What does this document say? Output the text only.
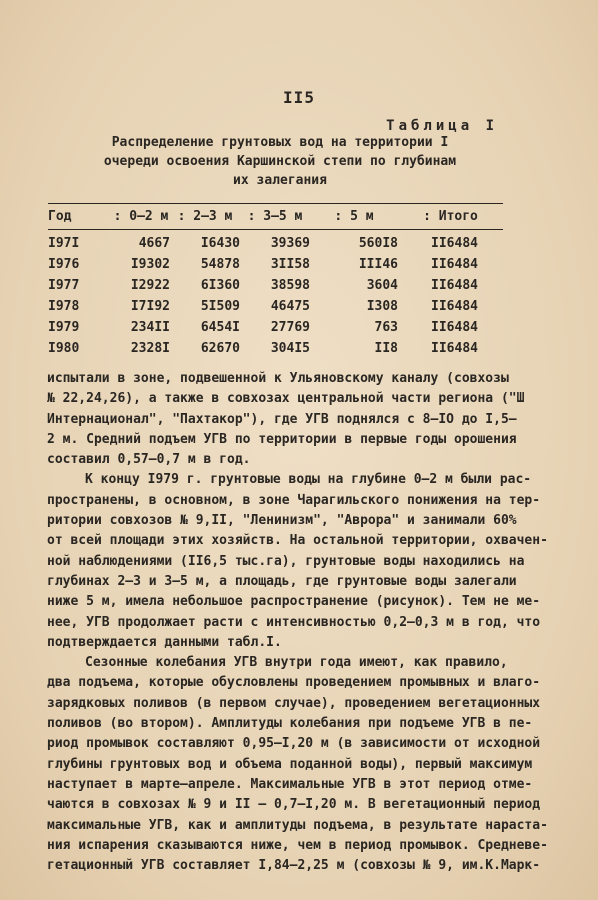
II5
Таблица I
Распределение грунтовых вод на территории I
очереди освоения Каршинской степи по глубинам
их залегания
Год	: 0–2 м	: 2–3 м	: 3–5 м	: 5 м	: Итого
I97I	4667	I6430	39369	560I8	II6484
I976	I9302	54878	3II58	III46	II6484
I977	I2922	6I360	38598	3604	II6484
I978	I7I92	5I509	46475	I308	II6484
I979	234II	6454I	27769	763	II6484
I980	2328I	62670	304I5	II8	II6484
испытали в зоне, подвешенной к Ульяновскому каналу (совхозы
№ 22,24,26), а также в совхозах центральной части региона ("Ш
Интернационал", "Пахтакор"), где УГВ поднялся с 8–IO до I,5–
2 м. Средний подъем УГВ по территории в первые годы орошения
составил 0,57–0,7 м в год.
К концу I979 г. грунтовые воды на глубине 0–2 м были рас-
пространены, в основном, в зоне Чарагильского понижения на тер-
ритории совхозов № 9,II, "Ленинизм", "Аврора" и занимали 60%
от всей площади этих хозяйств. На остальной территории, охвачен-
ной наблюдениями (II6,5 тыс.га), грунтовые воды находились на
глубинах 2–3 и 3–5 м, а площадь, где грунтовые воды залегали
ниже 5 м, имела небольшое распространение (рисунок). Тем не ме-
нее, УГВ продолжает расти с интенсивностью 0,2–0,3 м в год, что
подтверждается данными табл.I.
Сезонные колебания УГВ внутри года имеют, как правило,
два подъема, которые обусловлены проведением промывных и влаго-
зарядковых поливов (в первом случае), проведением вегетационных
поливов (во втором). Амплитуды колебания при подъеме УГВ в пе-
риод промывок составляют 0,95–I,20 м (в зависимости от исходной
глубины грунтовых вод и объема поданной воды), первый максимум
наступает в марте–апреле. Максимальные УГВ в этот период отме-
чаются в совхозах № 9 и II – 0,7–I,20 м. В вегетационный период
максимальные УГВ, как и амплитуды подъема, в результате нараста-
ния испарения сказываются ниже, чем в период промывок. Средневе-
гетационный УГВ составляет I,84–2,25 м (совхозы № 9, им.К.Марк-
